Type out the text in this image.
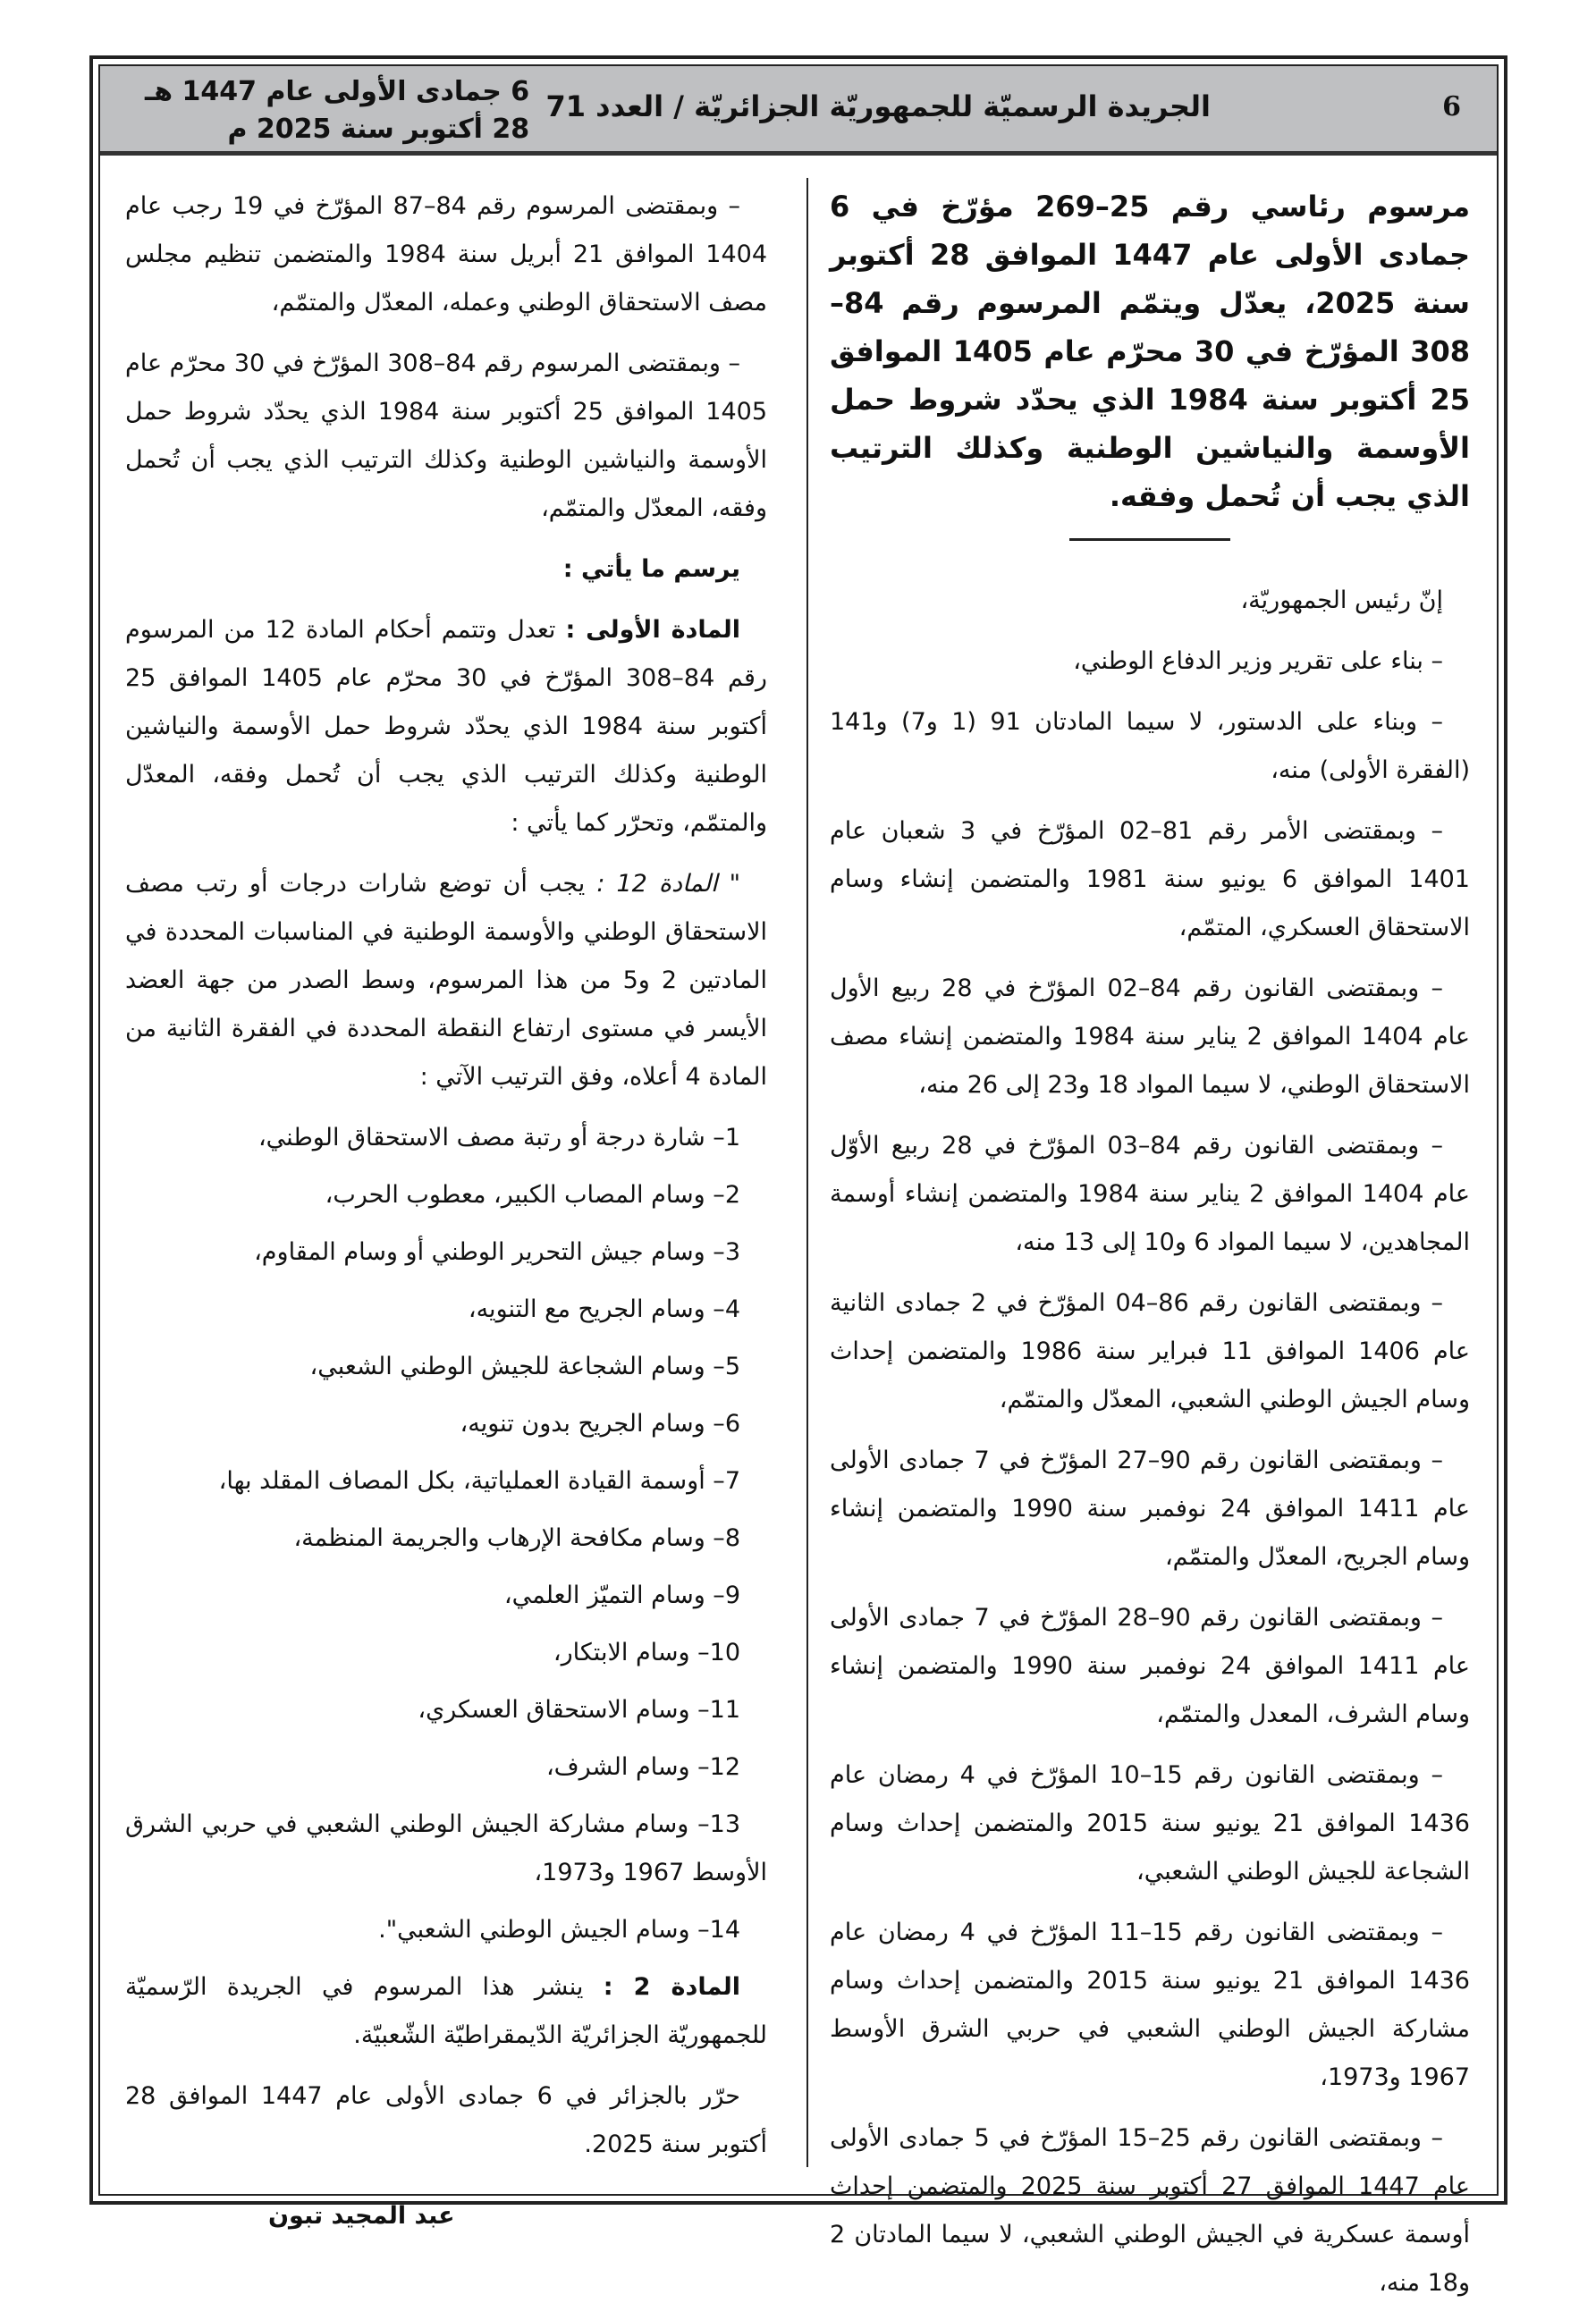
6
الجريدة الرسميّة للجمهوريّة الجزائريّة / العدد 71
6 جمادى الأولى عام 1447 هـ
28 أكتوبر سنة 2025 م
مرسوم رئاسي رقم 25–269 مؤرّخ في 6 جمادى الأولى عام 1447 الموافق 28 أكتوبر سنة 2025، يعدّل ويتمّم المرسوم رقم 84–308 المؤرّخ في 30 محرّم عام 1405 الموافق 25 أكتوبر سنة 1984 الذي يحدّد شروط حمل الأوسمة والنياشين الوطنية وكذلك الترتيب الذي يجب أن تُحمل وفقه.

إنّ رئيس الجمهوريّة،

– بناء على تقرير وزير الدفاع الوطني،

– وبناء على الدستور، لا سيما المادتان 91 (1 و7) و141 (الفقرة الأولى) منه،

– وبمقتضى الأمر رقم 81–02 المؤرّخ في 3 شعبان عام 1401 الموافق 6 يونيو سنة 1981 والمتضمن إنشاء وسام الاستحقاق العسكري، المتمّم،

– وبمقتضى القانون رقم 84–02 المؤرّخ في 28 ربيع الأول عام 1404 الموافق 2 يناير سنة 1984 والمتضمن إنشاء مصف الاستحقاق الوطني، لا سيما المواد 18 و23 إلى 26 منه،

– وبمقتضى القانون رقم 84–03 المؤرّخ في 28 ربيع الأوّل عام 1404 الموافق 2 يناير سنة 1984 والمتضمن إنشاء أوسمة المجاهدين، لا سيما المواد 6 و10 إلى 13 منه،

– وبمقتضى القانون رقم 86–04 المؤرّخ في 2 جمادى الثانية عام 1406 الموافق 11 فبراير سنة 1986 والمتضمن إحداث وسام الجيش الوطني الشعبي، المعدّل والمتمّم،

– وبمقتضى القانون رقم 90–27 المؤرّخ في 7 جمادى الأولى عام 1411 الموافق 24 نوفمبر سنة 1990 والمتضمن إنشاء وسام الجريح، المعدّل والمتمّم،

– وبمقتضى القانون رقم 90–28 المؤرّخ في 7 جمادى الأولى عام 1411 الموافق 24 نوفمبر سنة 1990 والمتضمن إنشاء وسام الشرف، المعدل والمتمّم،

– وبمقتضى القانون رقم 15–10 المؤرّخ في 4 رمضان عام 1436 الموافق 21 يونيو سنة 2015 والمتضمن إحداث وسام الشجاعة للجيش الوطني الشعبي،

– وبمقتضى القانون رقم 15–11 المؤرّخ في 4 رمضان عام 1436 الموافق 21 يونيو سنة 2015 والمتضمن إحداث وسام مشاركة الجيش الوطني الشعبي في حربي الشرق الأوسط 1967 و1973،

– وبمقتضى القانون رقم 25–15 المؤرّخ في 5 جمادى الأولى عام 1447 الموافق 27 أكتوبر سنة 2025 والمتضمن إحداث أوسمة عسكرية في الجيش الوطني الشعبي، لا سيما المادتان 2 و18 منه،

– وبمقتضى المرسوم رقم 84–87 المؤرّخ في 19 رجب عام 1404 الموافق 21 أبريل سنة 1984 والمتضمن تنظيم مجلس مصف الاستحقاق الوطني وعمله، المعدّل والمتمّم،

– وبمقتضى المرسوم رقم 84–308 المؤرّخ في 30 محرّم عام 1405 الموافق 25 أكتوبر سنة 1984 الذي يحدّد شروط حمل الأوسمة والنياشين الوطنية وكذلك الترتيب الذي يجب أن تُحمل وفقه، المعدّل والمتمّم،

يرسم ما يأتي :

المادة الأولى : تعدل وتتمم أحكام المادة 12 من المرسوم رقم 84–308 المؤرّخ في 30 محرّم عام 1405 الموافق 25 أكتوبر سنة 1984 الذي يحدّد شروط حمل الأوسمة والنياشين الوطنية وكذلك الترتيب الذي يجب أن تُحمل وفقه، المعدّل والمتمّم، وتحرّر كما يأتي :

" المادة 12 : يجب أن توضع شارات درجات أو رتب مصف الاستحقاق الوطني والأوسمة الوطنية في المناسبات المحددة في المادتين 2 و5 من هذا المرسوم، وسط الصدر من جهة العضد الأيسر في مستوى ارتفاع النقطة المحددة في الفقرة الثانية من المادة 4 أعلاه، وفق الترتيب الآتي :

1– شارة درجة أو رتبة مصف الاستحقاق الوطني،

2– وسام المصاب الكبير، معطوب الحرب،

3– وسام جيش التحرير الوطني أو وسام المقاوم،

4– وسام الجريح مع التنويه،

5– وسام الشجاعة للجيش الوطني الشعبي،

6– وسام الجريح بدون تنويه،

7– أوسمة القيادة العملياتية، بكل المصاف المقلد بها،

8– وسام مكافحة الإرهاب والجريمة المنظمة،

9– وسام التميّز العلمي،

10– وسام الابتكار،

11– وسام الاستحقاق العسكري،

12– وسام الشرف،

13– وسام مشاركة الجيش الوطني الشعبي في حربي الشرق الأوسط 1967 و1973،

14– وسام الجيش الوطني الشعبي".

المادة 2 : ينشر هذا المرسوم في الجريدة الرّسميّة للجمهوريّة الجزائريّة الدّيمقراطيّة الشّعبيّة.

حرّر بالجزائر في 6 جمادى الأولى عام 1447 الموافق 28 أكتوبر سنة 2025.

عبد المجيد تبون
